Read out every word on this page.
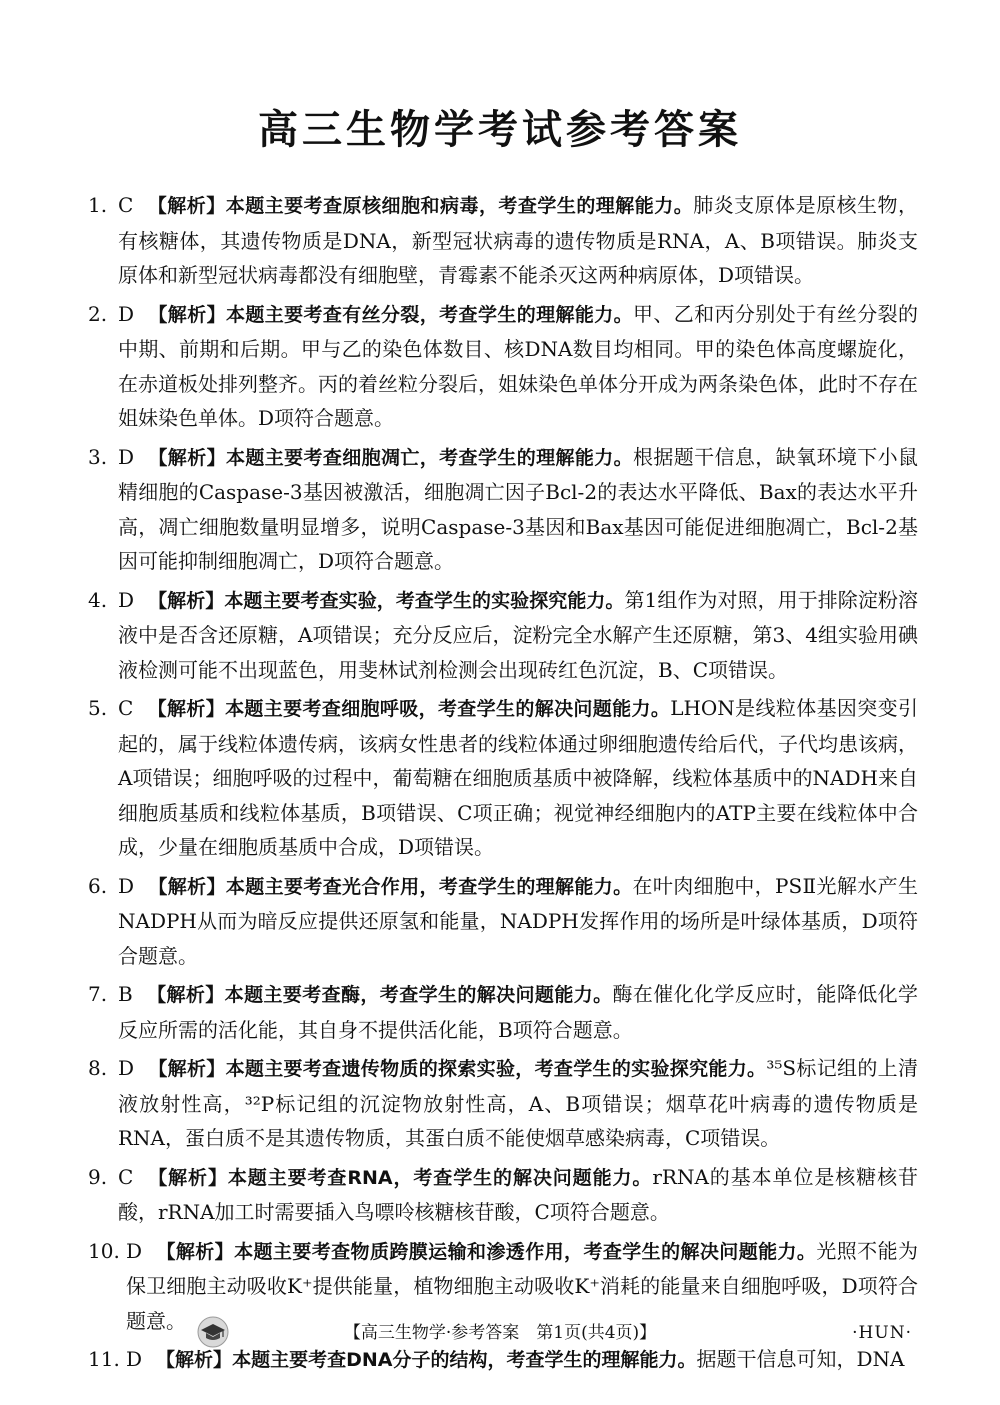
高三生物学考试参考答案
1. C 【解析】本题主要考查原核细胞和病毒，考查学生的理解能力。肺炎支原体是原核生物，有核糖体，其遗传物质是DNA，新型冠状病毒的遗传物质是RNA，A、B项错误。肺炎支原体和新型冠状病毒都没有细胞壁，青霉素不能杀灭这两种病原体，D项错误。
2. D 【解析】本题主要考查有丝分裂，考查学生的理解能力。甲、乙和丙分别处于有丝分裂的中期、前期和后期。甲与乙的染色体数目、核DNA数目均相同。甲的染色体高度螺旋化，在赤道板处排列整齐。丙的着丝粒分裂后，姐妹染色单体分开成为两条染色体，此时不存在姐妹染色单体。D项符合题意。
3. D 【解析】本题主要考查细胞凋亡，考查学生的理解能力。根据题干信息，缺氧环境下小鼠精细胞的Caspase-3基因被激活，细胞凋亡因子Bcl-2的表达水平降低、Bax的表达水平升高，凋亡细胞数量明显增多，说明Caspase-3基因和Bax基因可能促进细胞凋亡，Bcl-2基因可能抑制细胞凋亡，D项符合题意。
4. D 【解析】本题主要考查实验，考查学生的实验探究能力。第1组作为对照，用于排除淀粉溶液中是否含还原糖，A项错误；充分反应后，淀粉完全水解产生还原糖，第3、4组实验用碘液检测可能不出现蓝色，用斐林试剂检测会出现砖红色沉淀，B、C项错误。
5. C 【解析】本题主要考查细胞呼吸，考查学生的解决问题能力。LHON是线粒体基因突变引起的，属于线粒体遗传病，该病女性患者的线粒体通过卵细胞遗传给后代，子代均患该病，A项错误；细胞呼吸的过程中，葡萄糖在细胞质基质中被降解，线粒体基质中的NADH来自细胞质基质和线粒体基质，B项错误、C项正确；视觉神经细胞内的ATP主要在线粒体中合成，少量在细胞质基质中合成，D项错误。
6. D 【解析】本题主要考查光合作用，考查学生的理解能力。在叶肉细胞中，PSⅡ光解水产生NADPH从而为暗反应提供还原氢和能量，NADPH发挥作用的场所是叶绿体基质，D项符合题意。
7. B 【解析】本题主要考查酶，考查学生的解决问题能力。酶在催化化学反应时，能降低化学反应所需的活化能，其自身不提供活化能，B项符合题意。
8. D 【解析】本题主要考查遗传物质的探索实验，考查学生的实验探究能力。³⁵S标记组的上清液放射性高，³²P标记组的沉淀物放射性高，A、B项错误；烟草花叶病毒的遗传物质是RNA，蛋白质不是其遗传物质，其蛋白质不能使烟草感染病毒，C项错误。
9. C 【解析】本题主要考查RNA，考查学生的解决问题能力。rRNA的基本单位是核糖核苷酸，rRNA加工时需要插入鸟嘌呤核糖核苷酸，C项符合题意。
10. D 【解析】本题主要考查物质跨膜运输和渗透作用，考查学生的解决问题能力。光照不能为保卫细胞主动吸收K⁺提供能量，植物细胞主动吸收K⁺消耗的能量来自细胞呼吸，D项符合题意。
11. D 【解析】本题主要考查DNA分子的结构，考查学生的理解能力。据题干信息可知，DNA
【高三生物学·参考答案　第1页(共4页)】	·HUN·
